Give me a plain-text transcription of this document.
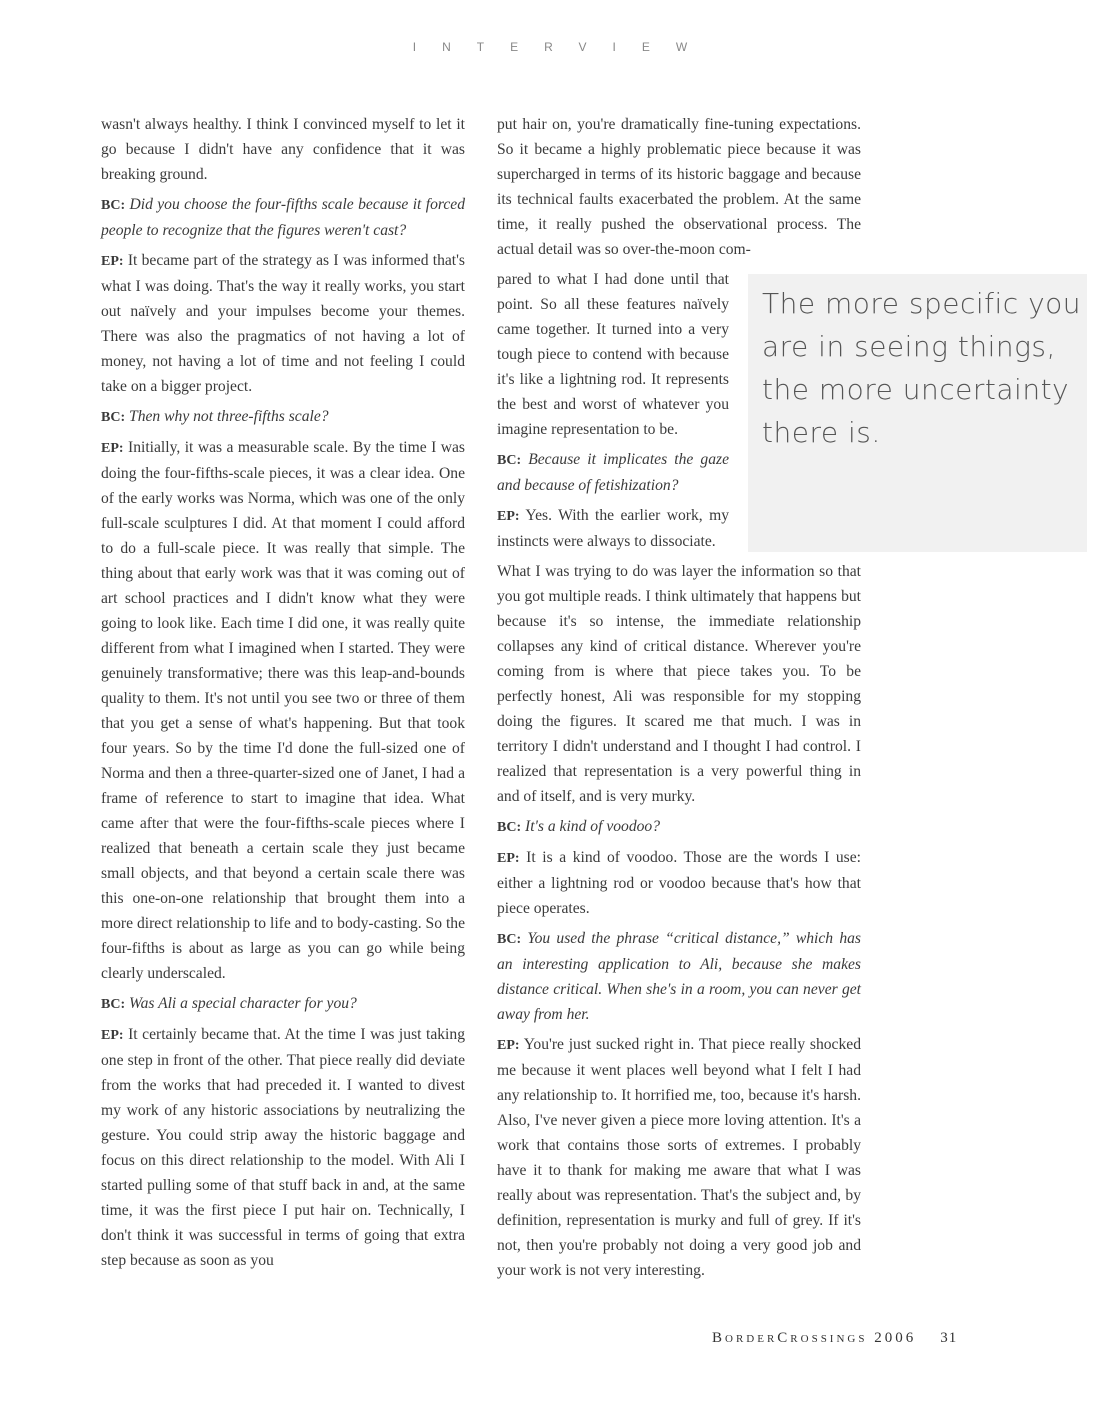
INTERVIEW

wasn't always healthy. I think I convinced myself to let it go because I didn't have any confidence that it was breaking ground.

BC: Did you choose the four-fifths scale because it forced people to recognize that the figures weren't cast?

EP: It became part of the strategy as I was informed that's what I was doing. That's the way it really works, you start out naïvely and your impulses become your themes. There was also the pragmatics of not having a lot of money, not having a lot of time and not feeling I could take on a bigger project.

BC: Then why not three-fifths scale?

EP: Initially, it was a measurable scale. By the time I was doing the four-fifths-scale pieces, it was a clear idea. One of the early works was Norma, which was one of the only full-scale sculptures I did. At that moment I could afford to do a full-scale piece. It was really that simple. The thing about that early work was that it was coming out of art school practices and I didn't know what they were going to look like. Each time I did one, it was really quite different from what I imagined when I started. They were genuinely transformative; there was this leap-and-bounds quality to them. It's not until you see two or three of them that you get a sense of what's happening. But that took four years. So by the time I'd done the full-sized one of Norma and then a three-quarter-sized one of Janet, I had a frame of reference to start to imagine that idea. What came after that were the four-fifths-scale pieces where I realized that beneath a certain scale they just became small objects, and that beyond a certain scale there was this one-on-one relationship that brought them into a more direct relationship to life and to body-casting. So the four-fifths is about as large as you can go while being clearly underscaled.

BC: Was Ali a special character for you?

EP: It certainly became that. At the time I was just taking one step in front of the other. That piece really did deviate from the works that had preceded it. I wanted to divest my work of any historic associations by neutralizing the gesture. You could strip away the historic baggage and focus on this direct relationship to the model. With Ali I started pulling some of that stuff back in and, at the same time, it was the first piece I put hair on. Technically, I don't think it was successful in terms of going that extra step because as soon as you

put hair on, you're dramatically fine-tuning expectations. So it became a highly problematic piece because it was supercharged in terms of its historic baggage and because its technical faults exacerbated the problem. At the same time, it really pushed the observational process. The actual detail was so over-the-moon com-

pared to what I had done until that point. So all these features naïvely came together. It turned into a very tough piece to contend with because it's like a lightning rod. It represents the best and worst of whatever you imagine representation to be.

BC: Because it implicates the gaze and because of fetishization?

EP: Yes. With the earlier work, my instincts were always to dissociate.

What I was trying to do was layer the information so that you got multiple reads. I think ultimately that happens but because it's so intense, the immediate relationship collapses any kind of critical distance. Wherever you're coming from is where that piece takes you. To be perfectly honest, Ali was responsible for my stopping doing the figures. It scared me that much. I was in territory I didn't understand and I thought I had control. I realized that representation is a very powerful thing in and of itself, and is very murky.

BC: It's a kind of voodoo?

EP: It is a kind of voodoo. Those are the words I use: either a lightning rod or voodoo because that's how that piece operates.

BC: You used the phrase “critical distance,” which has an interesting application to Ali, because she makes distance critical. When she's in a room, you can never get away from her.

EP: You're just sucked right in. That piece really shocked me because it went places well beyond what I felt I had any relationship to. It horrified me, too, because it's harsh. Also, I've never given a piece more loving attention. It's a work that contains those sorts of extremes. I probably have it to thank for making me aware that what I was really about was representation. That's the subject and, by definition, representation is murky and full of grey. If it's not, then you're probably not doing a very good job and your work is not very interesting.

The more specific you are in seeing things, the more uncertainty there is.
BorderCrossings 2006 31
